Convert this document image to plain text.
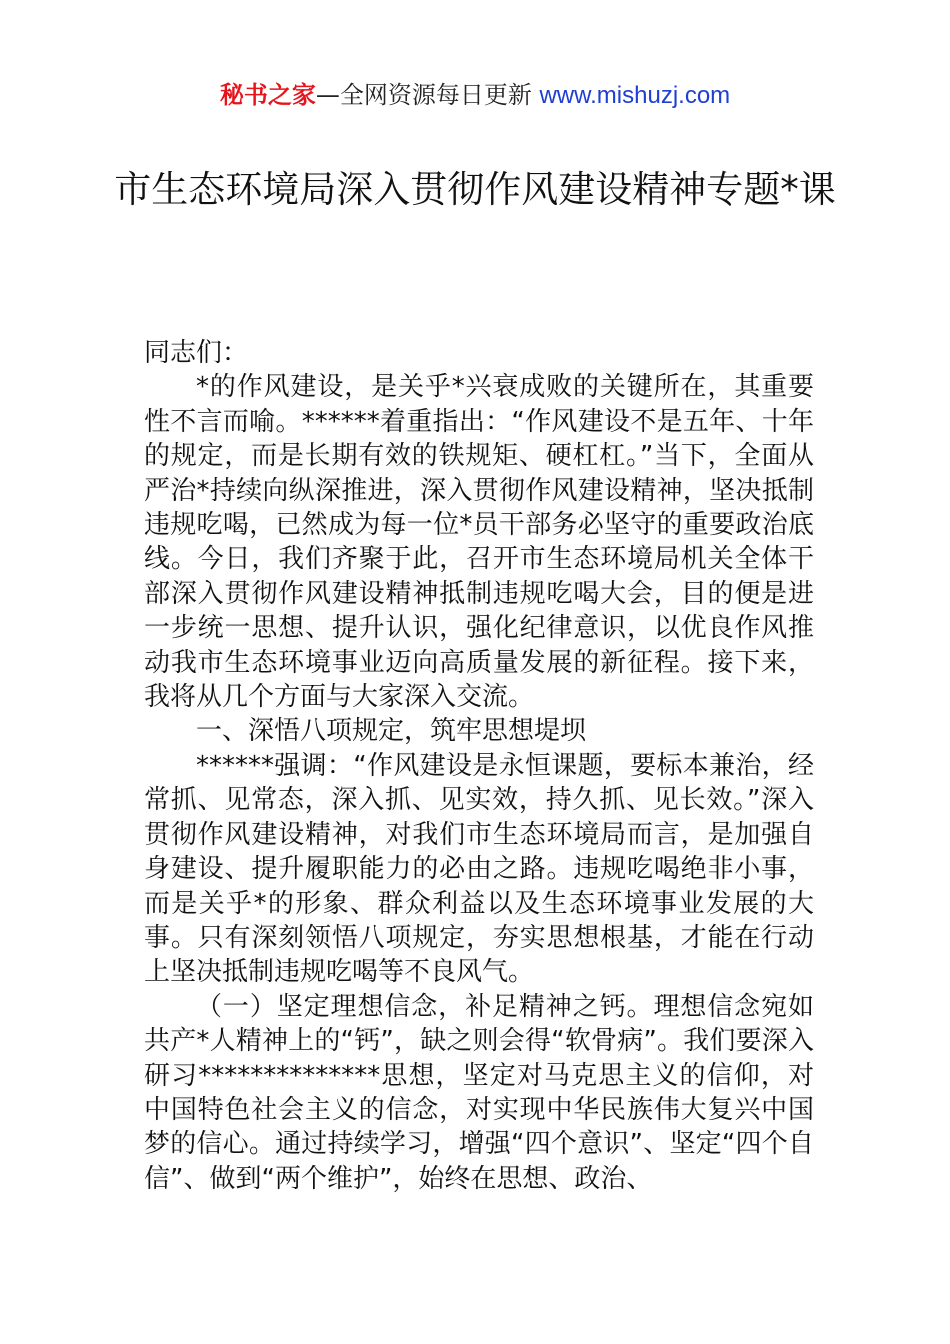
秘书之家—全网资源每日更新 www.mishuzj.com
市生态环境局深入贯彻作风建设精神专题*课

同志们：

*的作风建设，是关乎*兴衰成败的关键所在，其重要性不言而喻。******着重指出：“作风建设不是五年、十年的规定，而是长期有效的铁规矩、硬杠杠。”当下，全面从严治*持续向纵深推进，深入贯彻作风建设精神，坚决抵制违规吃喝，已然成为每一位*员干部务必坚守的重要政治底线。今日，我们齐聚于此，召开市生态环境局机关全体干部深入贯彻作风建设精神抵制违规吃喝大会，目的便是进一步统一思想、提升认识，强化纪律意识，以优良作风推动我市生态环境事业迈向高质量发展的新征程。接下来，我将从几个方面与大家深入交流。

一、深悟八项规定，筑牢思想堤坝

******强调：“作风建设是永恒课题，要标本兼治，经常抓、见常态，深入抓、见实效，持久抓、见长效。”深入贯彻作风建设精神，对我们市生态环境局而言，是加强自身建设、提升履职能力的必由之路。违规吃喝绝非小事，而是关乎*的形象、群众利益以及生态环境事业发展的大事。只有深刻领悟八项规定，夯实思想根基，才能在行动上坚决抵制违规吃喝等不良风气。

（一）坚定理想信念，补足精神之钙。理想信念宛如共产*人精神上的“钙”，缺之则会得“软骨病”。我们要深入研习**************思想，坚定对马克思主义的信仰，对中国特色社会主义的信念，对实现中华民族伟大复兴中国梦的信心。通过持续学习，增强“四个意识”、坚定“四个自信”、做到“两个维护”，始终在思想、政治、
